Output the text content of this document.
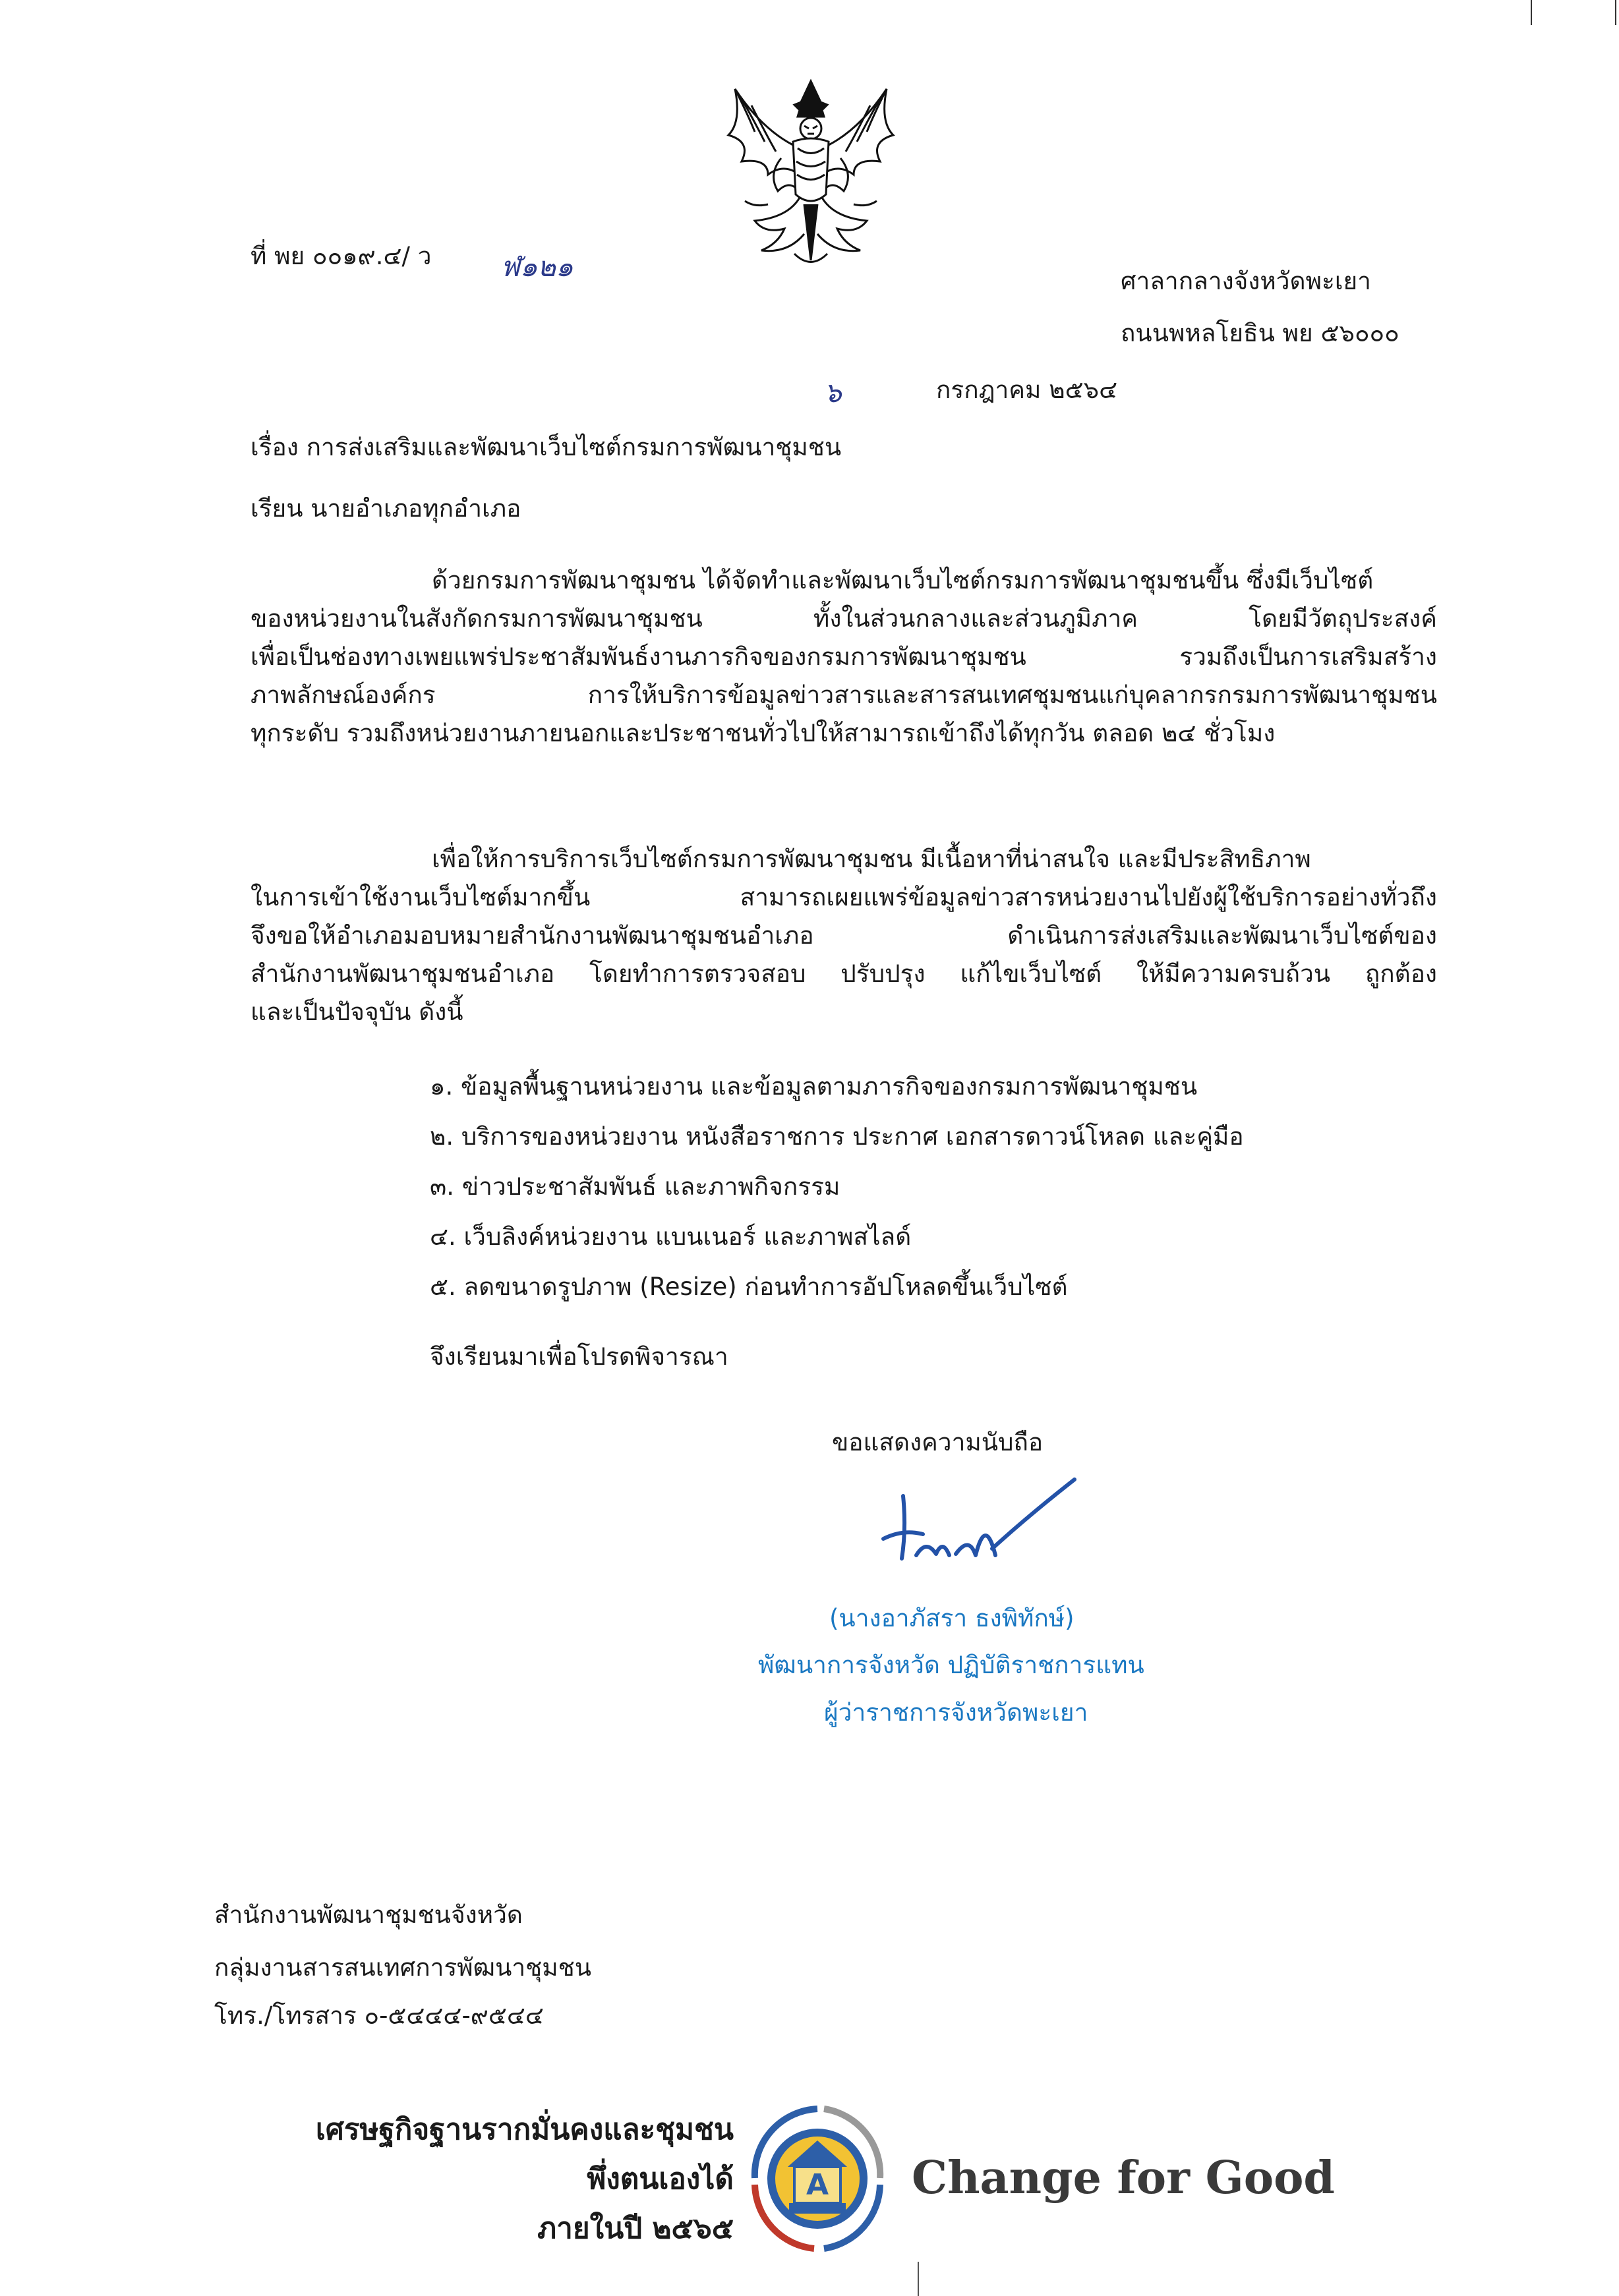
ที่ พย ๐๐๑๙.๔/ ว	ฬ๑๒๑	ศาลากลางจังหวัดพะเยา
ถนนพหลโยธิน พย ๕๖๐๐๐
๖	กรกฎาคม ๒๕๖๔
เรื่อง การส่งเสริมและพัฒนาเว็บไซต์กรมการพัฒนาชุมชน
เรียน นายอำเภอทุกอำเภอ
ด้วยกรมการพัฒนาชุมชน ได้จัดทำและพัฒนาเว็บไซต์กรมการพัฒนาชุมชนขึ้น ซึ่งมีเว็บไซต์
ของหน่วยงานในสังกัดกรมการพัฒนาชุมชน ทั้งในส่วนกลางและส่วนภูมิภาค โดยมีวัตถุประสงค์
เพื่อเป็นช่องทางเพยแพร่ประชาสัมพันธ์งานภารกิจของกรมการพัฒนาชุมชน รวมถึงเป็นการเสริมสร้าง
ภาพลักษณ์องค์กร การให้บริการข้อมูลข่าวสารและสารสนเทศชุมชนแก่บุคลากรกรมการพัฒนาชุมชน
ทุกระดับ รวมถึงหน่วยงานภายนอกและประชาชนทั่วไปให้สามารถเข้าถึงได้ทุกวัน ตลอด ๒๔ ชั่วโมง
เพื่อให้การบริการเว็บไซต์กรมการพัฒนาชุมชน มีเนื้อหาที่น่าสนใจ และมีประสิทธิภาพ
ในการเข้าใช้งานเว็บไซต์มากขึ้น สามารถเผยแพร่ข้อมูลข่าวสารหน่วยงานไปยังผู้ใช้บริการอย่างทั่วถึง
จึงขอให้อำเภอมอบหมายสำนักงานพัฒนาชุมชนอำเภอ ดำเนินการส่งเสริมและพัฒนาเว็บไซต์ของ
สำนักงานพัฒนาชุมชนอำเภอ โดยทำการตรวจสอบ ปรับปรุง แก้ไขเว็บไซต์ ให้มีความครบถ้วน ถูกต้อง
และเป็นปัจจุบัน ดังนี้
๑. ข้อมูลพื้นฐานหน่วยงาน และข้อมูลตามภารกิจของกรมการพัฒนาชุมชน
๒. บริการของหน่วยงาน หนังสือราชการ ประกาศ เอกสารดาวน์โหลด และคู่มือ
๓. ข่าวประชาสัมพันธ์ และภาพกิจกรรม
๔. เว็บลิงค์หน่วยงาน แบนเนอร์ และภาพสไลด์
๕. ลดขนาดรูปภาพ (Resize) ก่อนทำการอัปโหลดขึ้นเว็บไซต์
จึงเรียนมาเพื่อโปรดพิจารณา
ขอแสดงความนับถือ
(นางอาภัสรา ธงพิทักษ์)
พัฒนาการจังหวัด ปฏิบัติราชการแทน
ผู้ว่าราชการจังหวัดพะเยา
สำนักงานพัฒนาชุมชนจังหวัด
กลุ่มงานสารสนเทศการพัฒนาชุมชน
โทร./โทรสาร ๐-๕๔๔๔-๙๕๔๔
เศรษฐกิจฐานรากมั่นคงและชุมชน
พึ่งตนเองได้
ภายในปี ๒๕๖๕
A Change for Good
